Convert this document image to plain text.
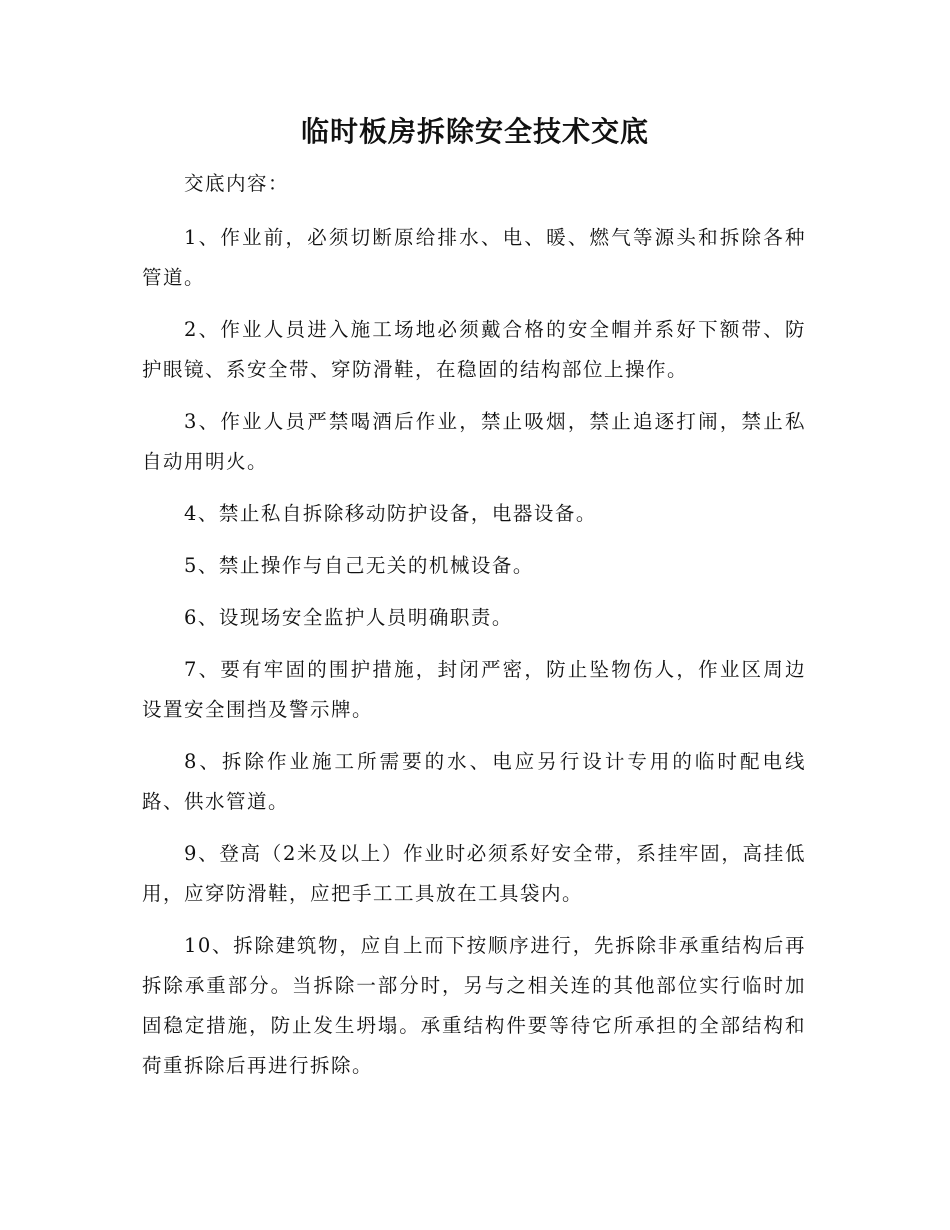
临时板房拆除安全技术交底

交底内容：

1、作业前，必须切断原给排水、电、暖、燃气等源头和拆除各种管道。

2、作业人员进入施工场地必须戴合格的安全帽并系好下额带、防护眼镜、系安全带、穿防滑鞋，在稳固的结构部位上操作。

3、作业人员严禁喝酒后作业，禁止吸烟，禁止追逐打闹，禁止私自动用明火。

4、禁止私自拆除移动防护设备，电器设备。

5、禁止操作与自己无关的机械设备。

6、设现场安全监护人员明确职责。

7、要有牢固的围护措施，封闭严密，防止坠物伤人，作业区周边设置安全围挡及警示牌。

8、拆除作业施工所需要的水、电应另行设计专用的临时配电线路、供水管道。

9、登高（2米及以上）作业时必须系好安全带，系挂牢固，高挂低用，应穿防滑鞋，应把手工工具放在工具袋内。

10、拆除建筑物，应自上而下按顺序进行，先拆除非承重结构后再拆除承重部分。当拆除一部分时，另与之相关连的其他部位实行临时加固稳定措施，防止发生坍塌。承重结构件要等待它所承担的全部结构和荷重拆除后再进行拆除。
